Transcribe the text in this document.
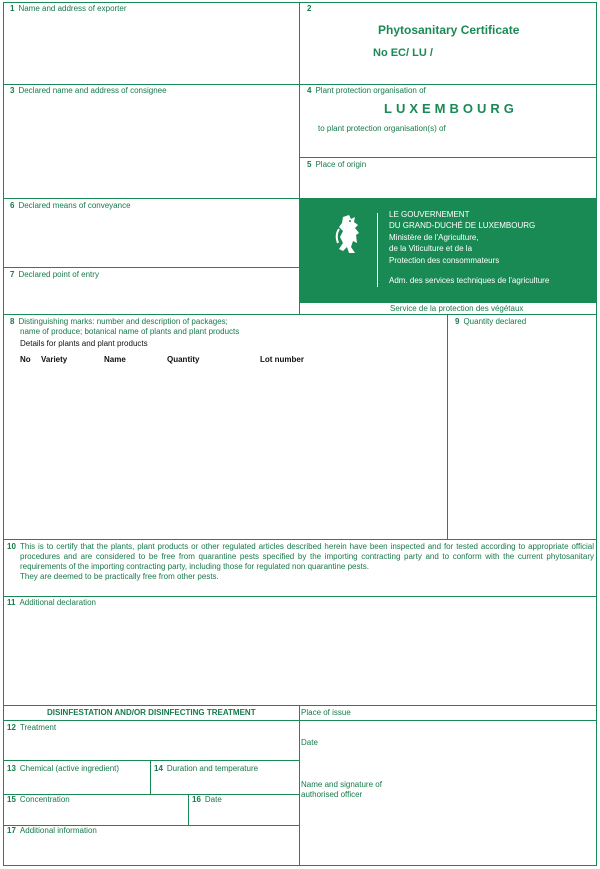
1 Name and address of exporter	2
Phytosanitary Certificate
No EC/ LU /
3 Declared name and address of consignee	4 Plant protection organisation of
LUXEMBOURG
to plant protection organisation(s) of
5 Place of origin
6 Declared means of conveyance
7 Declared point of entry
LE GOUVERNEMENT
DU GRAND-DUCHÉ DE LUXEMBOURG
Ministère de l'Agriculture,
de la Viticulture et de la
Protection des consommateurs
Adm. des services techniques de l'agriculture
Service de la protection des végétaux
8 Distinguishing marks: number and description of packages;
name of produce; botanical name of plants and plant products
Details for plants and plant products
No Variety	Name	Quantity	Lot number
9 Quantity declared
10 This is to certify that the plants, plant products or other regulated articles described herein have been inspected and for tested according to appropriate official procedures and are considered to be free from quarantine pests specified by the importing contracting party and to conform with the current phytosanitary requirements of the importing contracting party, including those for regulated non quarantine pests.

They are deemed to be practically free from other pests.

11 Additional declaration
DISINFESTATION AND/OR DISINFECTING TREATMENT
12 Treatment
13 Chemical (active ingredient)	14 Duration and temperature
15 Concentration	16 Date
17 Additional information
Place of issue
Date
Name and signature of
authorised officer
